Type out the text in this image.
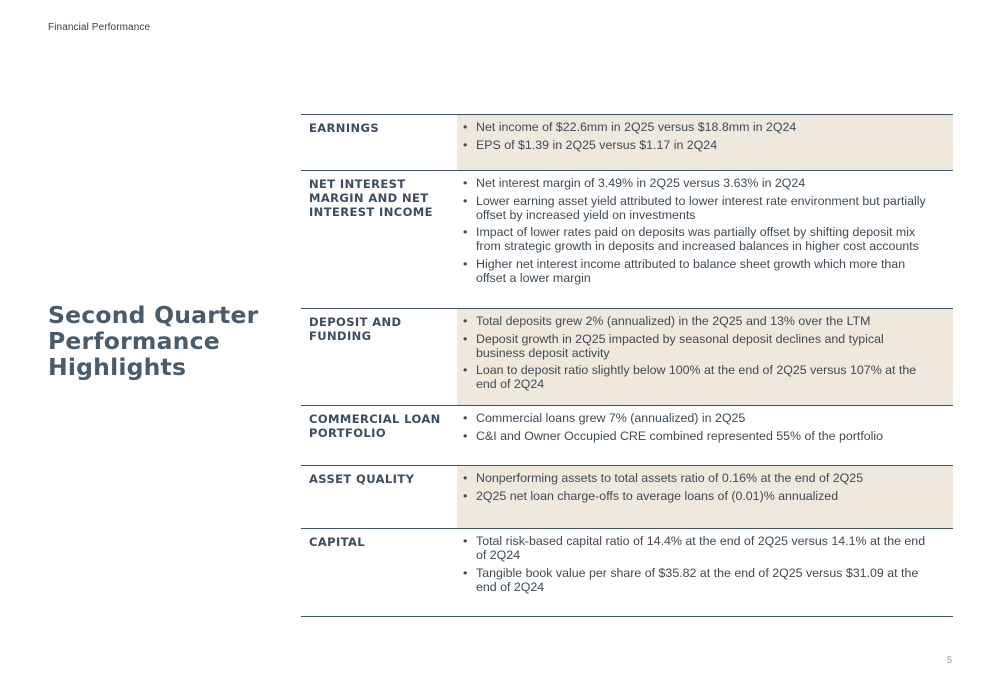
Financial Performance
Second Quarter
Performance
Highlights
EARNINGS	• Net income of $22.6mm in 2Q25 versus $18.8mm in 2Q24
• EPS of $1.39 in 2Q25 versus $1.17 in 2Q24
NET INTEREST MARGIN AND NET INTEREST INCOME
• Net interest margin of 3.49% in 2Q25 versus 3.63% in 2Q24
• Lower earning asset yield attributed to lower interest rate environment but partially offset by increased yield on investments
• Impact of lower rates paid on deposits was partially offset by shifting deposit mix from strategic growth in deposits and increased balances in higher cost accounts
• Higher net interest income attributed to balance sheet growth which more than offset a lower margin
DEPOSIT AND FUNDING
• Total deposits grew 2% (annualized) in the 2Q25 and 13% over the LTM
• Deposit growth in 2Q25 impacted by seasonal deposit declines and typical business deposit activity
• Loan to deposit ratio slightly below 100% at the end of 2Q25 versus 107% at the end of 2Q24
COMMERCIAL LOAN PORTFOLIO
• Commercial loans grew 7% (annualized) in 2Q25
• C&I and Owner Occupied CRE combined represented 55% of the portfolio
ASSET QUALITY	• Nonperforming assets to total assets ratio of 0.16% at the end of 2Q25
• 2Q25 net loan charge-offs to average loans of (0.01)% annualized
CAPITAL	• Total risk-based capital ratio of 14.4% at the end of 2Q25 versus 14.1% at the end of 2Q24
• Tangible book value per share of $35.82 at the end of 2Q25 versus $31.09 at the end of 2Q24
5
